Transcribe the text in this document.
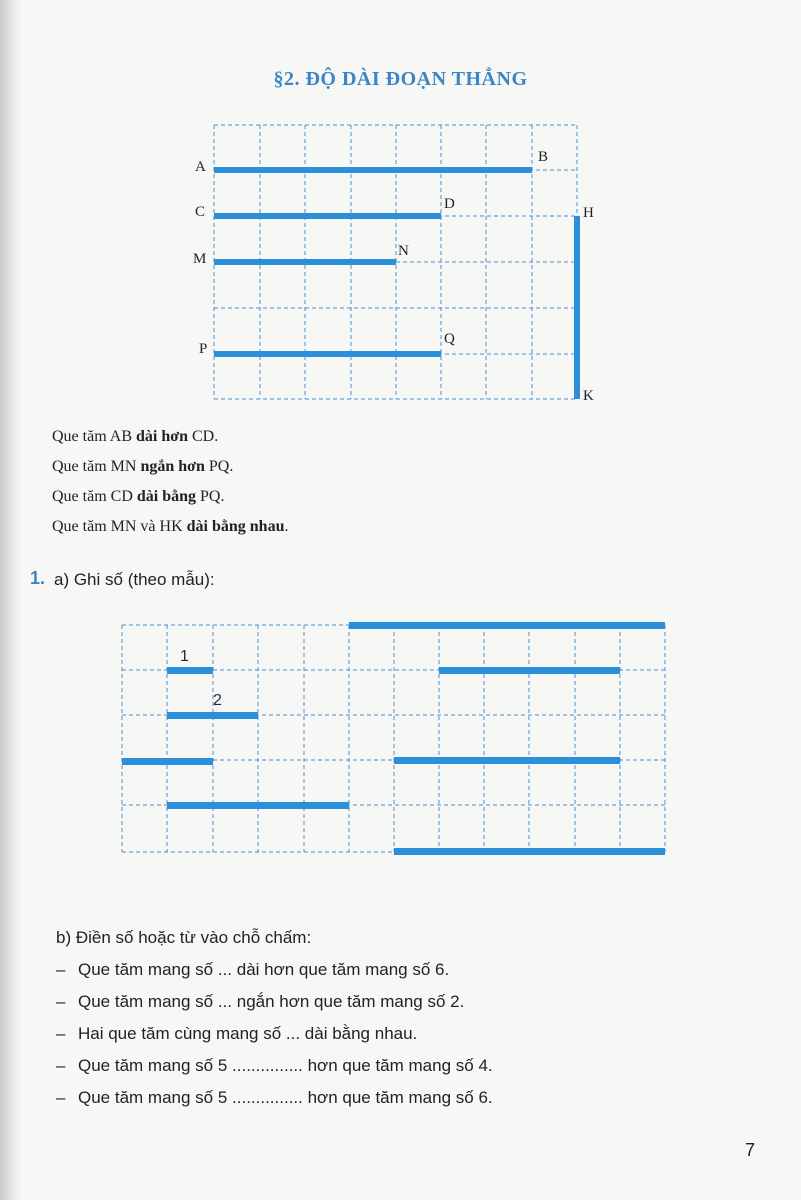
§2. ĐỘ DÀI ĐOẠN THẲNG
A
B
C	D
M	N
P
Q
H
K
Que tăm AB dài hơn CD.
Que tăm MN ngắn hơn PQ.
Que tăm CD dài bằng PQ.
Que tăm MN và HK dài bằng nhau.
1. a) Ghi số (theo mẫu):
1
2
b) Điền số hoặc từ vào chỗ chấm:
– Que tăm mang số ... dài hơn que tăm mang số 6.
– Que tăm mang số ... ngắn hơn que tăm mang số 2.
– Hai que tăm cùng mang số ... dài bằng nhau.
– Que tăm mang số 5 ............... hơn que tăm mang số 4.
– Que tăm mang số 5 ............... hơn que tăm mang số 6.
7
